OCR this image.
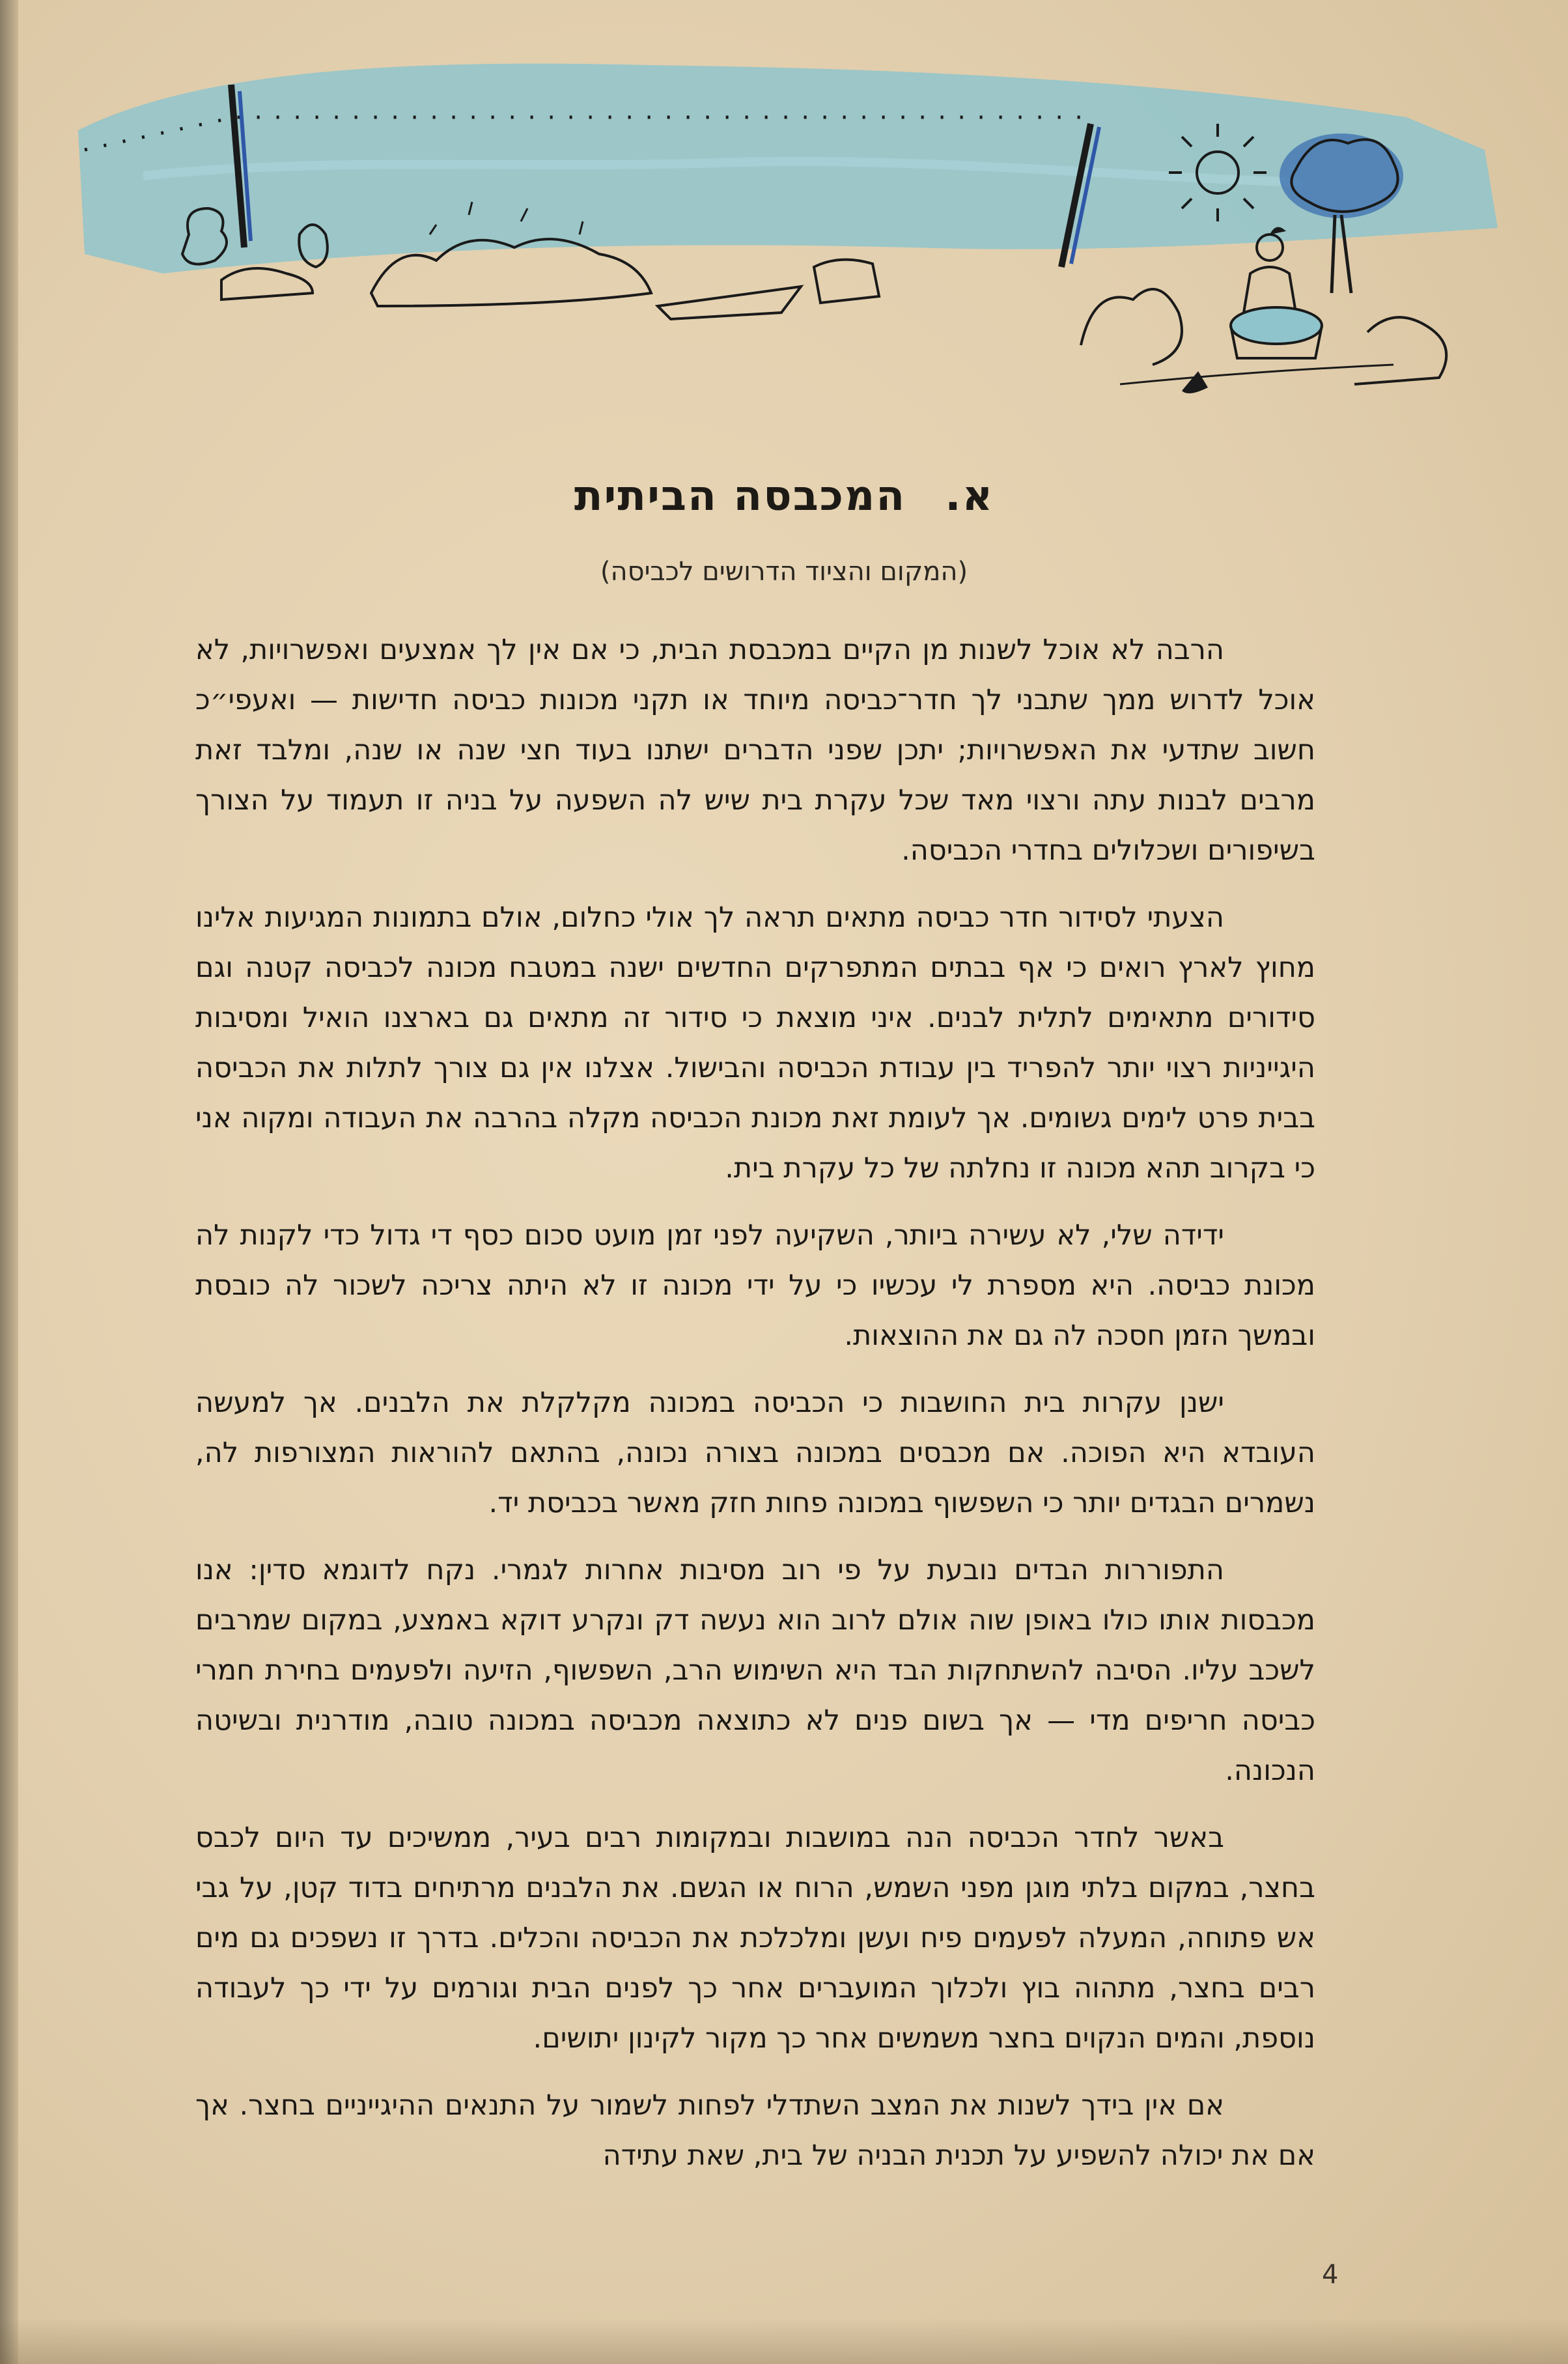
א.המכבסה הביתית
(המקום והציוד הדרושים לכביסה)

הרבה לא אוכל לשנות מן הקיים במכבסת הבית, כי אם אין לך אמצעים ואפשרויות, לא אוכל לדרוש ממך שתבני לך חדר־כביסה מיוחד או תקני מכונות כביסה חדישות — ואעפי״כ חשוב שתדעי את האפשרויות; יתכן שפני הדברים ישתנו בעוד חצי שנה או שנה, ומלבד זאת מרבים לבנות עתה ורצוי מאד שכל עקרת בית שיש לה השפעה על בניה זו תעמוד על הצורך בשיפורים ושכלולים בחדרי הכביסה.

הצעתי לסידור חדר כביסה מתאים תראה לך אולי כחלום, אולם בתמונות המגיעות אלינו מחוץ לארץ רואים כי אף בבתים המתפרקים החדשים ישנה במטבח מכונה לכביסה קטנה וגם סידורים מתאימים לתלית לבנים. איני מוצאת כי סידור זה מתאים גם בארצנו הואיל ומסיבות היגייניות רצוי יותר להפריד בין עבודת הכביסה והבישול. אצלנו אין גם צורך לתלות את הכביסה בבית פרט לימים גשומים. אך לעומת זאת מכונת הכביסה מקלה בהרבה את העבודה ומקוה אני כי בקרוב תהא מכונה זו נחלתה של כל עקרת בית.

ידידה שלי, לא עשירה ביותר, השקיעה לפני זמן מועט סכום כסף די גדול כדי לקנות לה מכונת כביסה. היא מספרת לי עכשיו כי על ידי מכונה זו לא היתה צריכה לשכור לה כובסת ובמשך הזמן חסכה לה גם את ההוצאות.

ישנן עקרות בית החושבות כי הכביסה במכונה מקלקלת את הלבנים. אך למעשה העובדא היא הפוכה. אם מכבסים במכונה בצורה נכונה, בהתאם להוראות המצורפות לה, נשמרים הבגדים יותר כי השפשוף במכונה פחות חזק מאשר בכביסת יד.

התפוררות הבדים נובעת על פי רוב מסיבות אחרות לגמרי. נקח לדוגמא סדין: אנו מכבסות אותו כולו באופן שוה אולם לרוב הוא נעשה דק ונקרע דוקא באמצע, במקום שמרבים לשכב עליו. הסיבה להשתחקות הבד היא השימוש הרב, השפשוף, הזיעה ולפעמים בחירת חמרי כביסה חריפים מדי — אך בשום פנים לא כתוצאה מכביסה במכונה טובה, מודרנית ובשיטה הנכונה.

באשר לחדר הכביסה הנה במושבות ובמקומות רבים בעיר, ממשיכים עד היום לכבס בחצר, במקום בלתי מוגן מפני השמש, הרוח או הגשם. את הלבנים מרתיחים בדוד קטן, על גבי אש פתוחה, המעלה לפעמים פיח ועשן ומלכלכת את הכביסה והכלים. בדרך זו נשפכים גם מים רבים בחצר, מתהוה בוץ ולכלוך המועברים אחר כך לפנים הבית וגורמים על ידי כך לעבודה נוספת, והמים הנקוים בחצר משמשים אחר כך מקור לקינון יתושים.

אם אין בידך לשנות את המצב השתדלי לפחות לשמור על התנאים ההיגייניים בחצר. אך אם את יכולה להשפיע על תכנית הבניה של בית, שאת עתידה

4
